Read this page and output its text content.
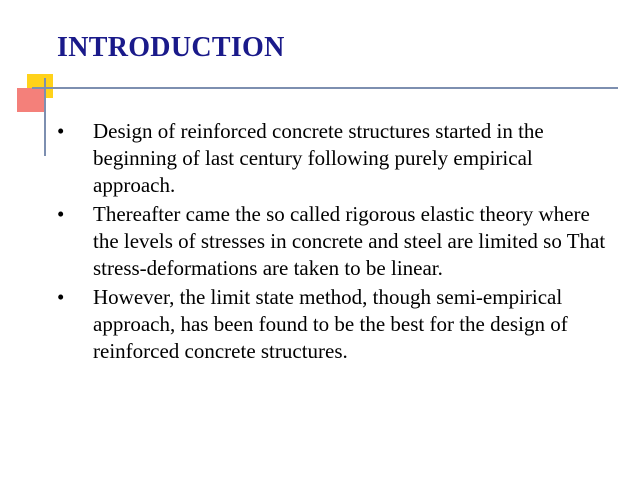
INTRODUCTION
•	Design of reinforced concrete structures started in the beginning of last century following purely empirical approach.
•	Thereafter came the so called rigorous elastic theory where the levels of stresses in concrete and steel are limited so That stress-deformations are taken to be linear.
•	However, the limit state method, though semi-empirical approach, has been found to be the best for the design of reinforced concrete structures.
